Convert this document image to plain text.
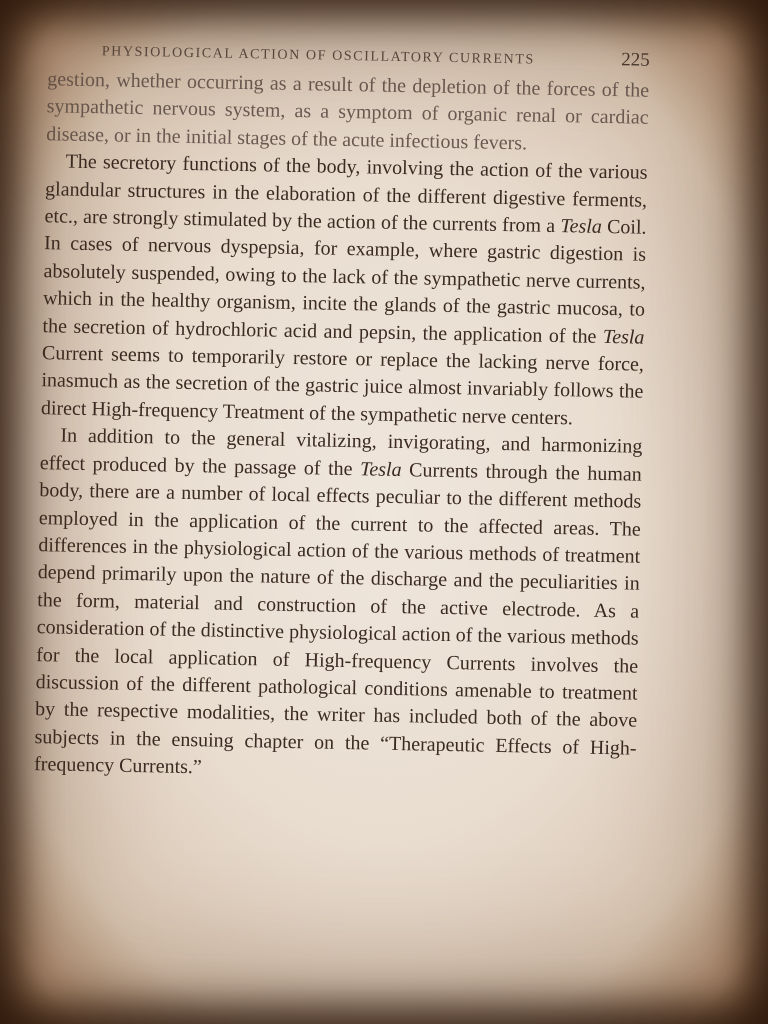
PHYSIOLOGICAL ACTION OF OSCILLATORY CURRENTS	225

gestion, whether occurring as a result of the depletion of the forces of the sympathetic nervous system, as a symptom of organic renal or cardiac disease, or in the initial stages of the acute infectious fevers.

The secretory functions of the body, involving the action of the various glandular structures in the elaboration of the different digestive ferments, etc., are strongly stimulated by the action of the currents from a Tesla Coil. In cases of nervous dyspepsia, for example, where gastric digestion is absolutely suspended, owing to the lack of the sympathetic nerve currents, which in the healthy organism, incite the glands of the gastric mucosa, to the secretion of hydrochloric acid and pepsin, the application of the Tesla Current seems to temporarily restore or replace the lacking nerve force, inasmuch as the secretion of the gastric juice almost invariably follows the direct High-frequency Treatment of the sympathetic nerve centers.

In addition to the general vitalizing, invigorating, and harmonizing effect produced by the passage of the Tesla Currents through the human body, there are a number of local effects peculiar to the different methods employed in the application of the current to the affected areas. The differences in the physiological action of the various methods of treatment depend primarily upon the nature of the discharge and the peculiarities in the form, material and construction of the active electrode. As a consideration of the distinctive physiological action of the various methods for the local application of High-frequency Currents involves the discussion of the different pathological conditions amenable to treatment by the respective modalities, the writer has included both of the above subjects in the ensuing chapter on the “Therapeutic Effects of High-frequency Currents.”
